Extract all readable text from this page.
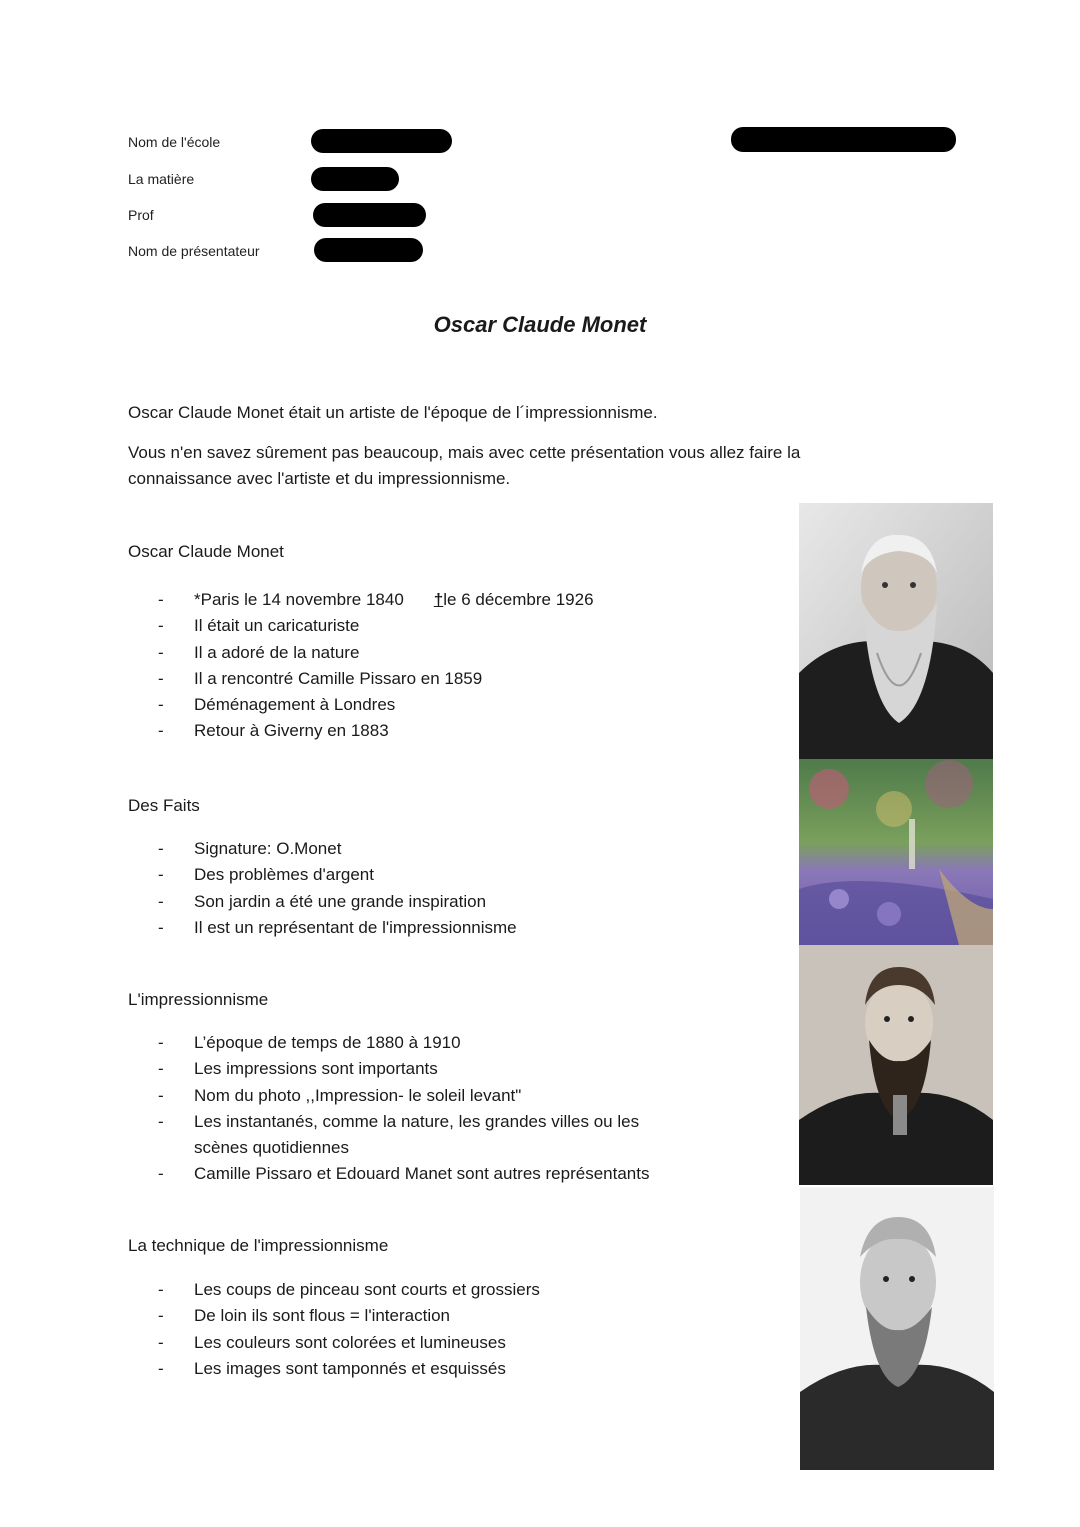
Nom de l'école
La matière
Prof
Nom de présentateur
Oscar Claude Monet
Oscar Claude Monet était un artiste de l'époque de l´impressionnisme.
Vous n'en savez sûrement pas beaucoup, mais avec cette présentation vous allez faire la connaissance avec l'artiste et du impressionnisme.
Oscar Claude Monet
- *Paris le 14 novembre 1840 †le 6 décembre 1926
- Il était un caricaturiste
- Il a adoré de la nature
- Il a rencontré Camille Pissaro en 1859
- Déménagement à Londres
- Retour à Giverny en 1883
Des Faits
- Signature: O.Monet
- Des problèmes d'argent
- Son jardin a été une grande inspiration
- Il est un représentant de l'impressionnisme
L'impressionnisme
- L’époque de temps de 1880 à 1910
- Les impressions sont importants
- Nom du photo ,,Impression- le soleil levant"
- Les instantanés, comme la nature, les grandes villes ou les scènes quotidiennes
- Camille Pissaro et Edouard Manet sont autres représentants
La technique de l'impressionnisme
- Les coups de pinceau sont courts et grossiers
- De loin ils sont flous = l'interaction
- Les couleurs sont colorées et lumineuses
- Les images sont tamponnés et esquissés
